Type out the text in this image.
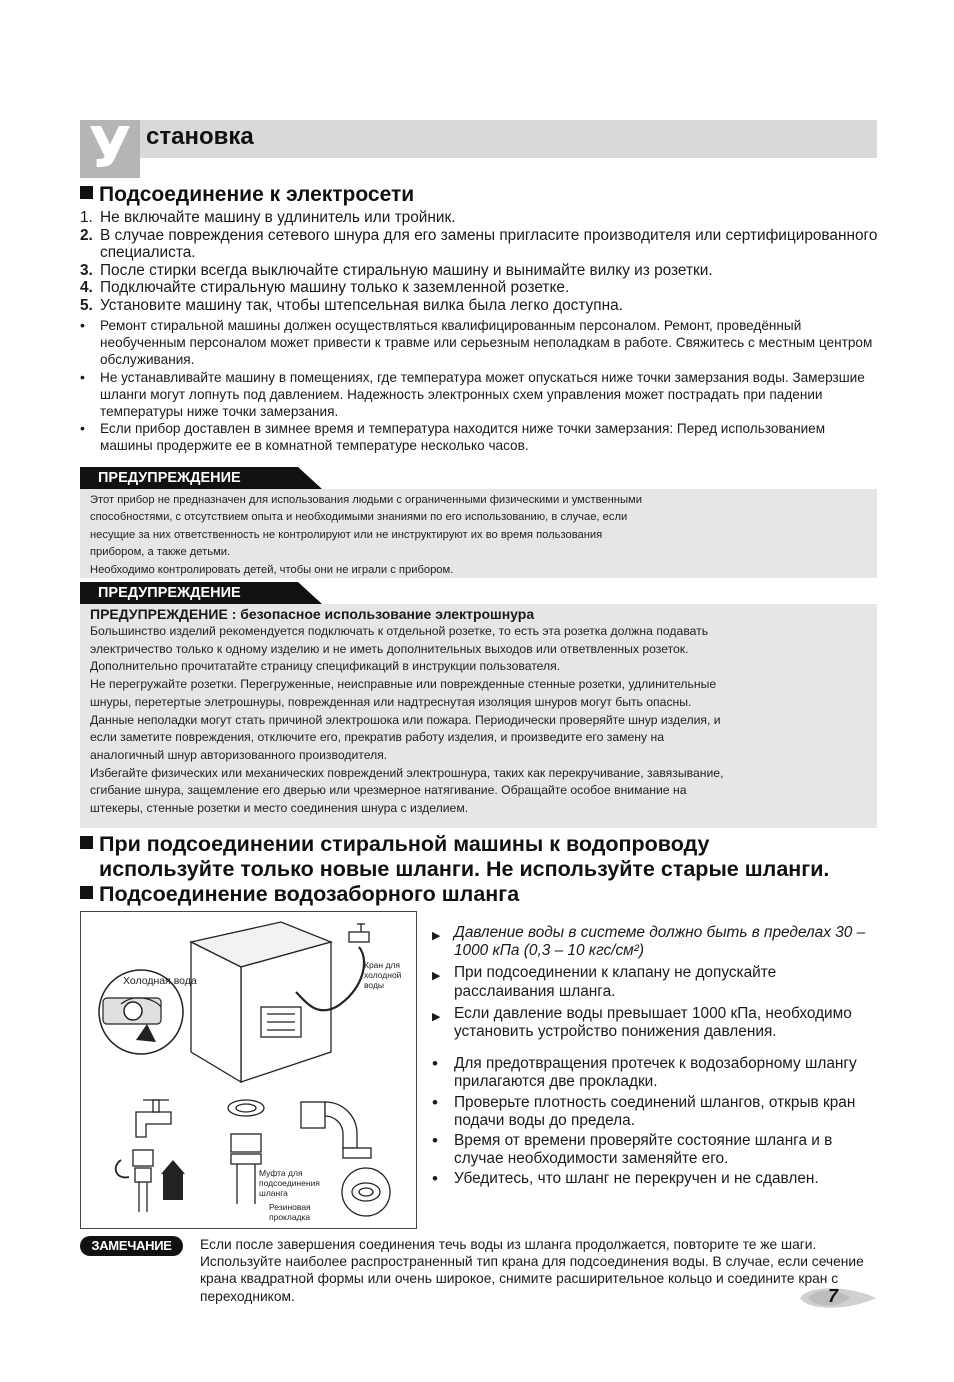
У становка
Подсоединение к электросети
1. Не включайте машину в удлинитель или тройник.
2. В случае повреждения сетевого шнура для его замены пригласите производителя или сертифицированного специалиста.
3. После стирки всегда выключайте стиральную машину и вынимайте вилку из розетки.
4. Подключайте стиральную машину только к заземленной розетке.
5. Установите машину так, чтобы штепсельная вилка была легко доступна.
•	Ремонт стиральной машины должен осуществляться квалифицированным персоналом. Ремонт, проведённый необученным персоналом может привести к травме или серьезным неполадкам в работе. Свяжитесь с местным центром обслуживания.
•	Не устанавливайте машину в помещениях, где температура может опускаться ниже точки замерзания воды. Замерзшие шланги могут лопнуть под давлением. Надежность электронных схем управления может пострадать при падении температуры ниже точки замерзания.
•	Если прибор доставлен в зимнее время и температура находится ниже точки замерзания: Перед использованием машины продержите ее в комнатной температуре несколько часов.
ПРЕДУПРЕЖДЕНИЕ
Этот прибор не предназначен для использования людьми с ограниченными физическими и умственными
способностями, с отсутствием опыта и необходимыми знаниями по его использованию, в случае, если
несущие за них ответственность не контролируют или не инструктируют их во время пользования
прибором, а также детьми.
Необходимо контролировать детей, чтобы они не играли с прибором.
ПРЕДУПРЕЖДЕНИЕ
ПРЕДУПРЕЖДЕНИЕ : безопасное использование электрошнура
Большинство изделий рекомендуется подключать к отдельной розетке, то есть эта розетка должна подавать
электричество только к одному изделию и не иметь дополнительных выходов или ответвленных розеток.
Дополнительно прочитатайте страницу спецификаций в инструкции пользователя.
Не перегружайте розетки. Перегруженные, неисправные или поврежденные стенные розетки, удлинительные
шнуры, перетертые элетрошнуры, поврежденная или надтреснутая изоляция шнуров могут быть опасны.
Данные неполадки могут стать причиной электрошока или пожара. Периодически проверяйте шнур изделия, и
если заметите повреждения, отключите его, прекратив работу изделия, и произведите его замену на
аналогичный шнур авторизованного производителя.
Избегайте физических или механических повреждений электрошнура, таких как перекручивание, завязывание,
сгибание шнура, защемление его дверью или чрезмерное натягивание. Обращайте особое внимание на
штекеры, стенные розетки и место соединения шнура с изделием.
При подсоединении стиральной машины к водопроводу
используйте только новые шланги. Не используйте старые шланги.
Подсоединение водозаборного шланга
Холодная вода
Кран для холодной воды
Муфта для подсоединения шланга
Резиновая прокладка
▶ Давление воды в системе должно быть в пределах 30 – 1000 кПа (0,3 – 10 кгс/см²)
▶ При подсоединении к клапану не допускайте расслаивания шланга.
▶ Если давление воды превышает 1000 кПа, необходимо установить устройство понижения давления.
•	Для предотвращения протечек к водозаборному шлангу прилагаются две прокладки.
•	Проверьте плотность соединений шлангов, открыв кран подачи воды до предела.
•	Время от времени проверяйте состояние шланга и в случае необходимости заменяйте его.
•	Убедитесь, что шланг не перекручен и не сдавлен.
ЗАМЕЧАНИЕ	Если после завершения соединения течь воды из шланга продолжается, повторите те же шаги. Используйте наиболее распространенный тип крана для подсоединения воды. В случае, если сечение крана квадратной формы или очень широкое, снимите расширительное кольцо и соедините кран с переходником.	7
